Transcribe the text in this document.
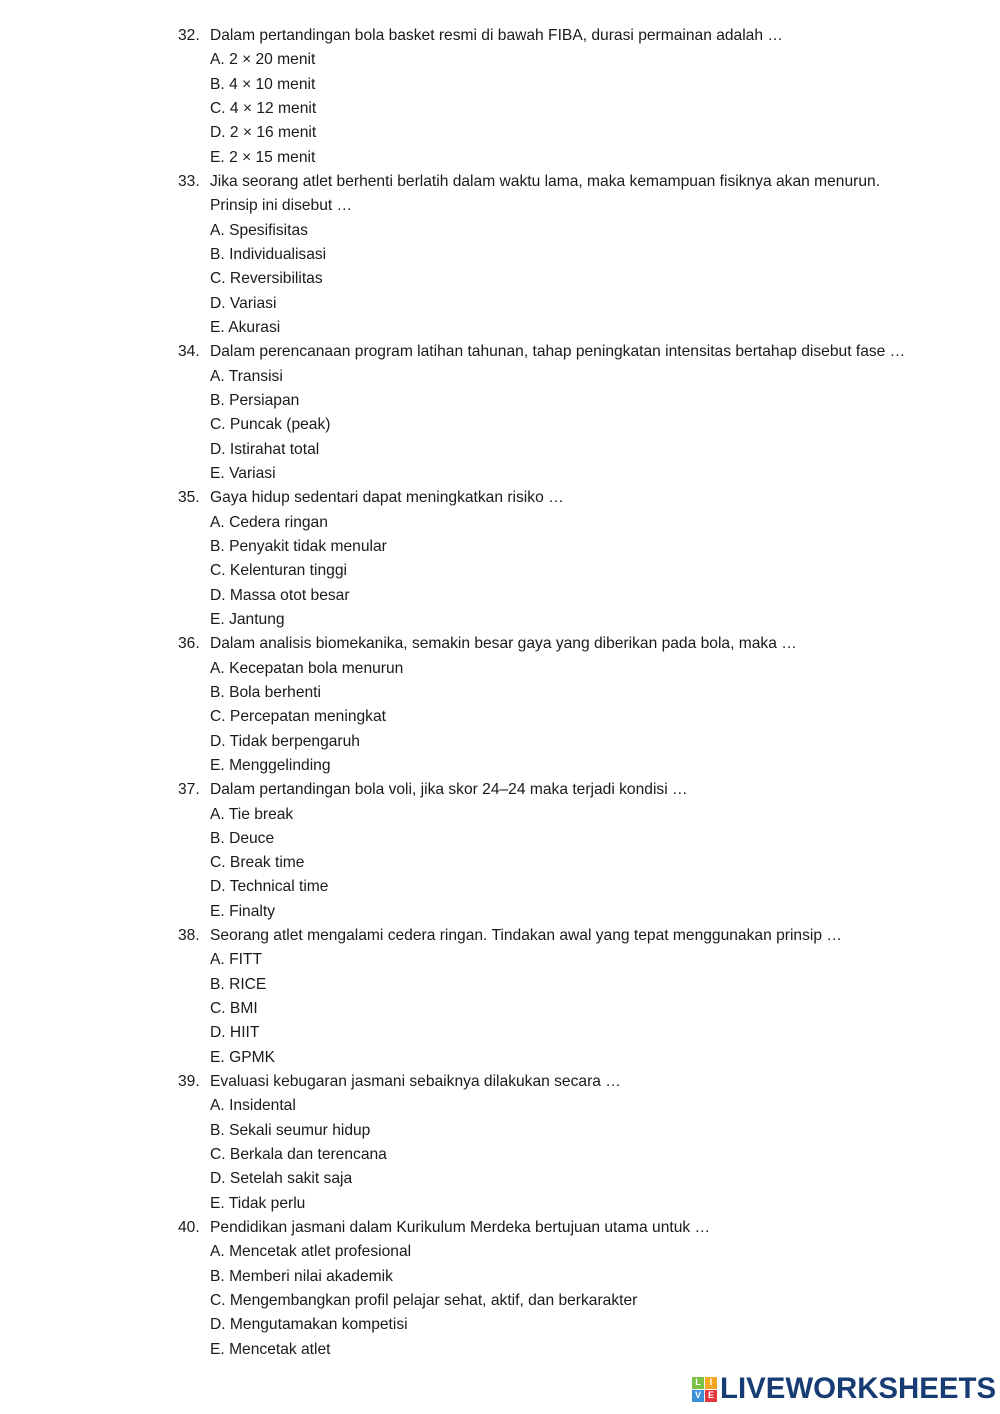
32. Dalam pertandingan bola basket resmi di bawah FIBA, durasi permainan adalah …
A. 2 × 20 menit
B. 4 × 10 menit
C. 4 × 12 menit
D. 2 × 16 menit
E. 2 × 15 menit
33. Jika seorang atlet berhenti berlatih dalam waktu lama, maka kemampuan fisiknya akan menurun.
Prinsip ini disebut …
A. Spesifisitas
B. Individualisasi
C. Reversibilitas
D. Variasi
E. Akurasi
34. Dalam perencanaan program latihan tahunan, tahap peningkatan intensitas bertahap disebut fase …
A. Transisi
B. Persiapan
C. Puncak (peak)
D. Istirahat total
E. Variasi
35. Gaya hidup sedentari dapat meningkatkan risiko …
A. Cedera ringan
B. Penyakit tidak menular
C. Kelenturan tinggi
D. Massa otot besar
E. Jantung
36. Dalam analisis biomekanika, semakin besar gaya yang diberikan pada bola, maka …
A. Kecepatan bola menurun
B. Bola berhenti
C. Percepatan meningkat
D. Tidak berpengaruh
E. Menggelinding
37. Dalam pertandingan bola voli, jika skor 24–24 maka terjadi kondisi …
A. Tie break
B. Deuce
C. Break time
D. Technical time
E. Finalty
38. Seorang atlet mengalami cedera ringan. Tindakan awal yang tepat menggunakan prinsip …
A. FITT
B. RICE
C. BMI
D. HIIT
E. GPMK
39. Evaluasi kebugaran jasmani sebaiknya dilakukan secara …
A. Insidental
B. Sekali seumur hidup
C. Berkala dan terencana
D. Setelah sakit saja
E. Tidak perlu
40. Pendidikan jasmani dalam Kurikulum Merdeka bertujuan utama untuk …
A. Mencetak atlet profesional
B. Memberi nilai akademik
C. Mengembangkan profil pelajar sehat, aktif, dan berkarakter
D. Mengutamakan kompetisi
E. Mencetak atlet
L I
V E LIVEWORKSHEETS
